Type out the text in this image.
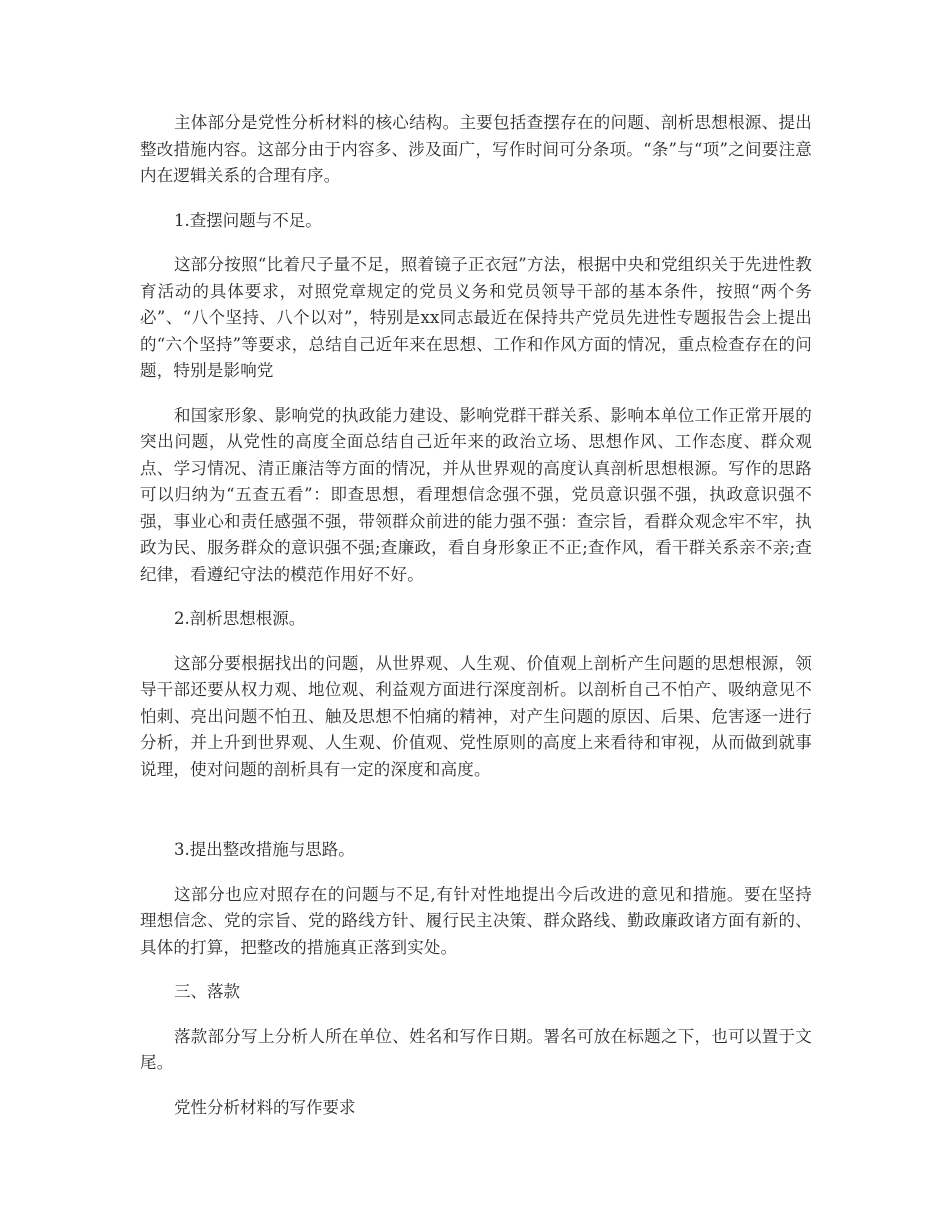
主体部分是党性分析材料的核心结构。主要包括查摆存在的问题、剖析思想根源、提出整改措施内容。这部分由于内容多、涉及面广，写作时间可分条项。“条”与“项”之间要注意内在逻辑关系的合理有序。

1.查摆问题与不足。

这部分按照“比着尺子量不足，照着镜子正衣冠”方法，根据中央和党组织关于先进性教育活动的具体要求，对照党章规定的党员义务和党员领导干部的基本条件，按照“两个务必”、“八个坚持、八个以对”，特别是xx同志最近在保持共产党员先进性专题报告会上提出的“六个坚持”等要求，总结自己近年来在思想、工作和作风方面的情况，重点检查存在的问题，特别是影响党

和国家形象、影响党的执政能力建设、影响党群干群关系、影响本单位工作正常开展的突出问题，从党性的高度全面总结自己近年来的政治立场、思想作风、工作态度、群众观点、学习情况、清正廉洁等方面的情况，并从世界观的高度认真剖析思想根源。写作的思路可以归纳为“五查五看”：即查思想，看理想信念强不强，党员意识强不强，执政意识强不强，事业心和责任感强不强，带领群众前进的能力强不强：查宗旨，看群众观念牢不牢，执政为民、服务群众的意识强不强;查廉政，看自身形象正不正;查作风，看干群关系亲不亲;查纪律，看遵纪守法的模范作用好不好。

2.剖析思想根源。

这部分要根据找出的问题，从世界观、人生观、价值观上剖析产生问题的思想根源，领导干部还要从权力观、地位观、利益观方面进行深度剖析。以剖析自己不怕产、吸纳意见不怕刺、亮出问题不怕丑、触及思想不怕痛的精神，对产生问题的原因、后果、危害逐一进行分析，并上升到世界观、人生观、价值观、党性原则的高度上来看待和审视，从而做到就事说理，使对问题的剖析具有一定的深度和高度。

3.提出整改措施与思路。

这部分也应对照存在的问题与不足,有针对性地提出今后改进的意见和措施。要在坚持理想信念、党的宗旨、党的路线方针、履行民主决策、群众路线、勤政廉政诸方面有新的、具体的打算，把整改的措施真正落到实处。

三、落款

落款部分写上分析人所在单位、姓名和写作日期。署名可放在标题之下，也可以置于文尾。

党性分析材料的写作要求
